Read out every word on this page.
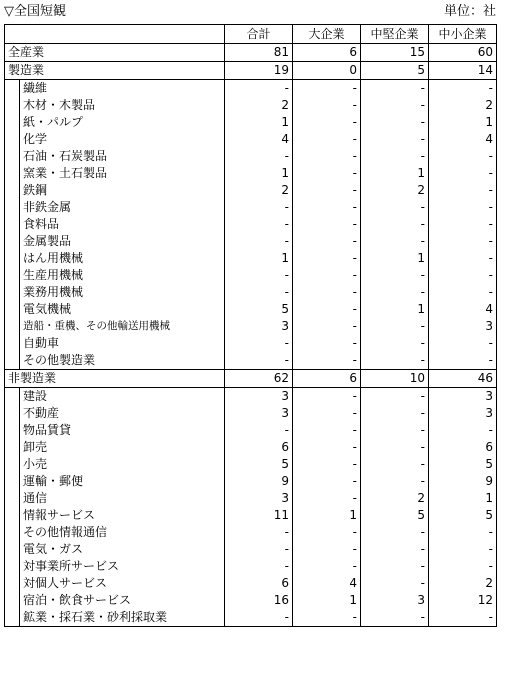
▽全国短観	単位：社
	合計	大企業	中堅企業	中小企業
全産業	81	6	15	60
製造業	19	0	5	14
繊維	-	-	-	-
木材・木製品	2	-	-	2
紙・パルプ	1	-	-	1
化学	4	-	-	4
石油・石炭製品	-	-	-	-
窯業・土石製品	1	-	1	-
鉄鋼	2	-	2	-
非鉄金属	-	-	-	-
食料品	-	-	-	-
金属製品	-	-	-	-
はん用機械	1	-	1	-
生産用機械	-	-	-	-
業務用機械	-	-	-	-
電気機械	5	-	1	4
造船・重機、その他輸送用機械	3	-	-	3
自動車	-	-	-	-
その他製造業	-	-	-	-
非製造業	62	6	10	46
建設	3	-	-	3
不動産	3	-	-	3
物品賃貸	-	-	-	-
卸売	6	-	-	6
小売	5	-	-	5
運輸・郵便	9	-	-	9
通信	3	-	2	1
情報サービス	11	1	5	5
その他情報通信	-	-	-	-
電気・ガス	-	-	-	-
対事業所サービス	-	-	-	-
対個人サービス	6	4	-	2
宿泊・飲食サービス	16	1	3	12
鉱業・採石業・砂利採取業	-	-	-	-
